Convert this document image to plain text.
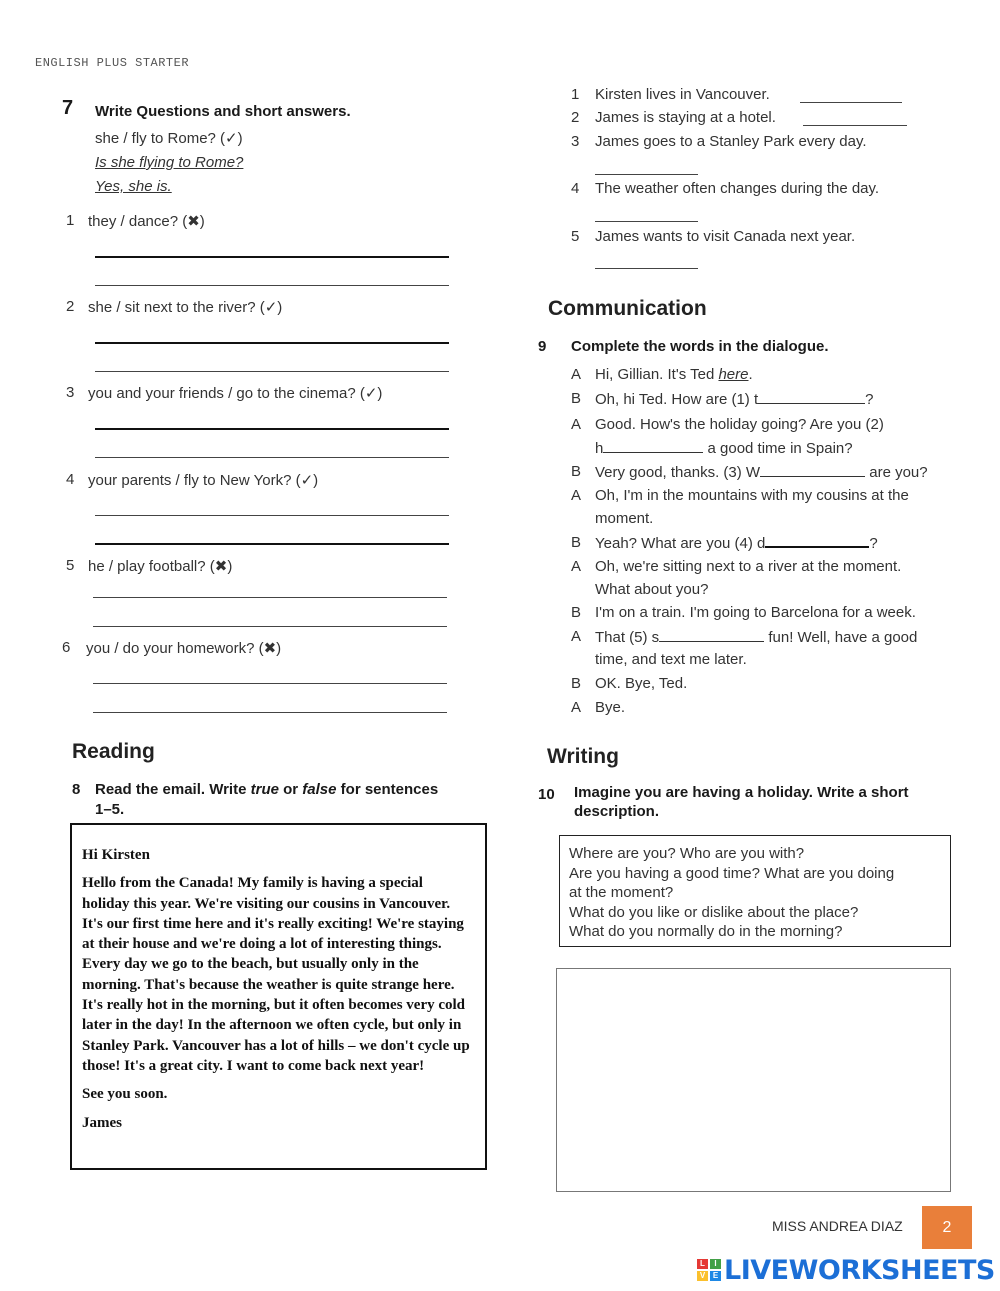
ENGLISH PLUS STARTER
7 Write Questions and short answers.
she / fly to Rome? (✓)
Is she flying to Rome?
Yes, she is.
1 they / dance? (✖)
2 she / sit next to the river? (✓)
3 you and your friends / go to the cinema? (✓)
4 your parents / fly to New York? (✓)
5 he / play football? (✖)
6 you / do your homework? (✖)
Reading
8 Read the email. Write true or false for sentences
1–5.

Hi Kirsten

Hello from the Canada! My family is having a special holiday this year. We're visiting our cousins in Vancouver. It's our first time here and it's really exciting! We're staying at their house and we're doing a lot of interesting things. Every day we go to the beach, but usually only in the morning. That's because the weather is quite strange here. It's really hot in the morning, but it often becomes very cold later in the day! In the afternoon we often cycle, but only in Stanley Park. Vancouver has a lot of hills – we don't cycle up those! It's a great city. I want to come back next year!

See you soon.

James

1 Kirsten lives in Vancouver.
2 James is staying at a hotel.
3 James goes to a Stanley Park every day.
4 The weather often changes during the day.
5 James wants to visit Canada next year.
Communication
9 Complete the words in the dialogue.
A Hi, Gillian. It's Ted here.
B Oh, hi Ted. How are (1) t	?
A Good. How's the holiday going? Are you (2)
h	a good time in Spain?
B Very good, thanks. (3) W	are you?
A Oh, I'm in the mountains with my cousins at the
moment.
B Yeah? What are you (4) d	?
A Oh, we're sitting next to a river at the moment.
What about you?
B I'm on a train. I'm going to Barcelona for a week.
A That (5) s	fun! Well, have a good
time, and text me later.
B OK. Bye, Ted.
A Bye.
Writing
10 Imagine you are having a holiday. Write a short
description.
Where are you? Who are you with?
Are you having a good time? What are you doing
at the moment?
What do you like or dislike about the place?
What do you normally do in the morning?
MISS ANDREA DIAZ	2
L	I
V E LIVEWORKSHEETS
